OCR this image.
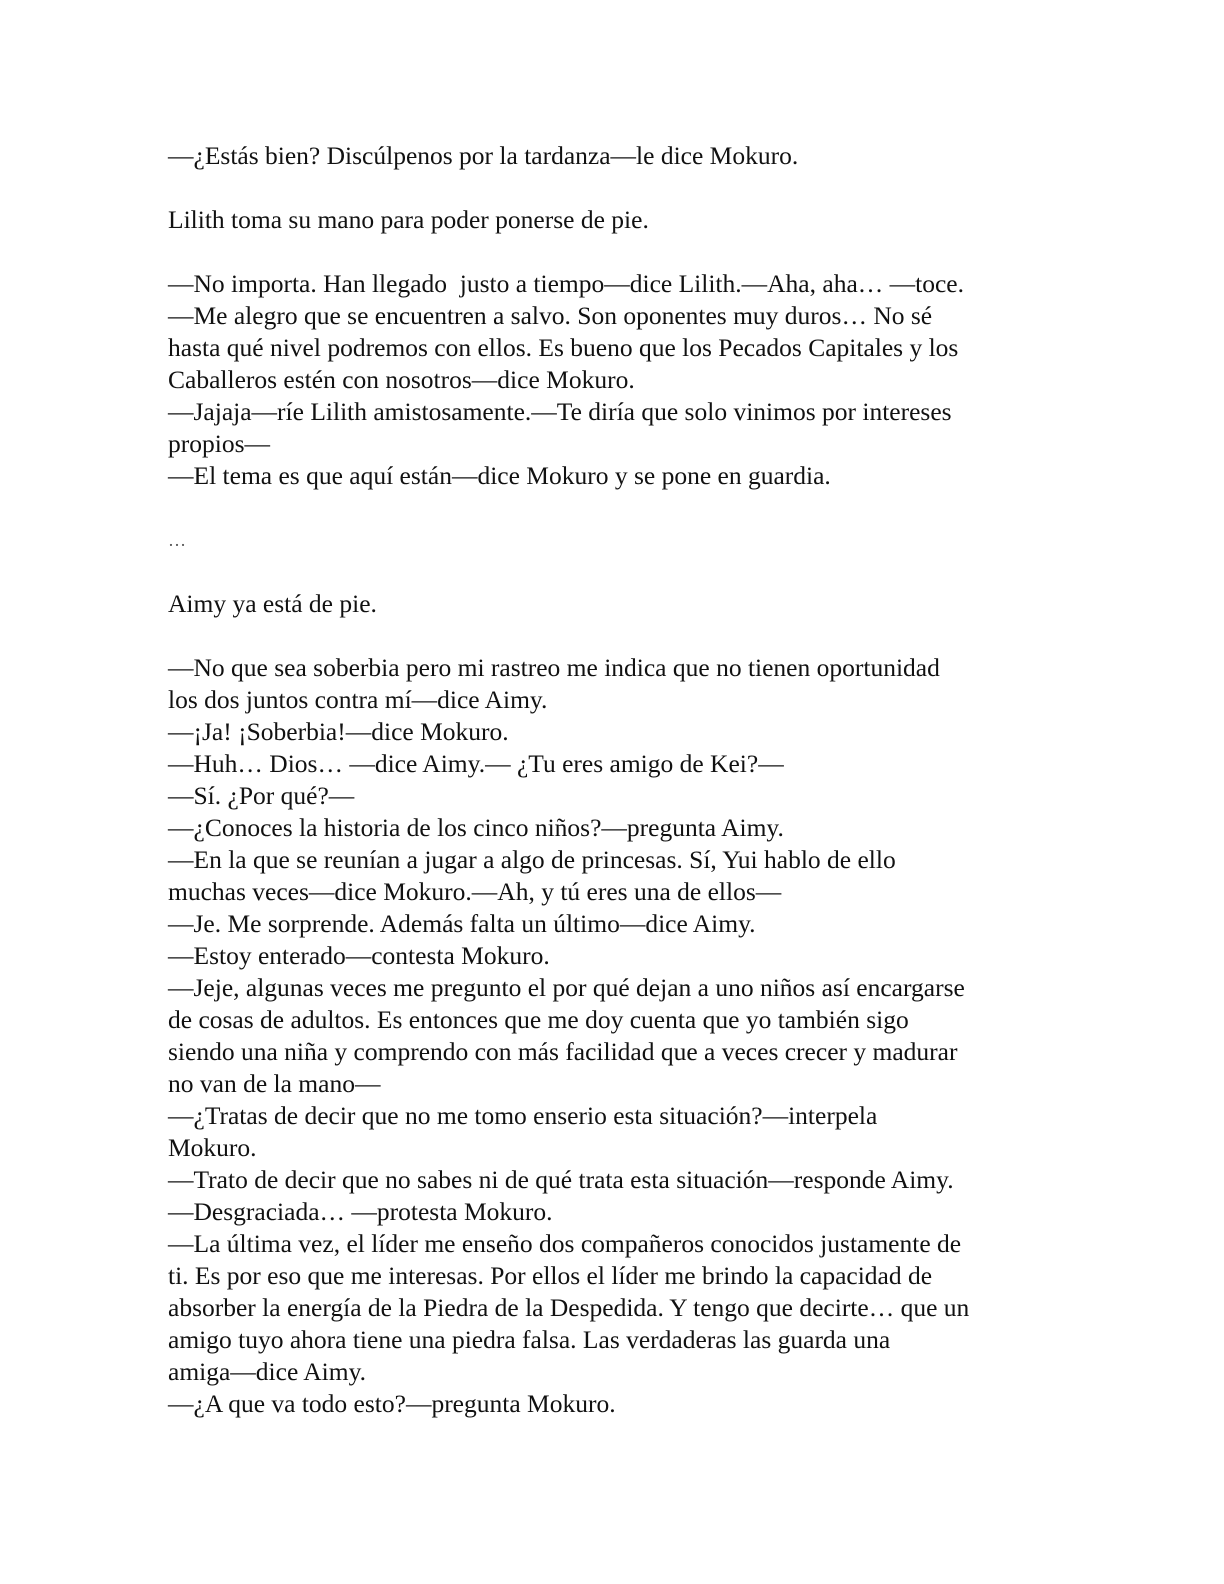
—¿Estás bien? Discúlpenos por la tardanza—le dice Mokuro.
Lilith toma su mano para poder ponerse de pie.
—No importa. Han llegado  justo a tiempo—dice Lilith.—Aha, aha… —toce.
—Me alegro que se encuentren a salvo. Son oponentes muy duros… No sé
hasta qué nivel podremos con ellos. Es bueno que los Pecados Capitales y los
Caballeros estén con nosotros—dice Mokuro.
—Jajaja—ríe Lilith amistosamente.—Te diría que solo vinimos por intereses
propios—
—El tema es que aquí están—dice Mokuro y se pone en guardia.
…
Aimy ya está de pie.
—No que sea soberbia pero mi rastreo me indica que no tienen oportunidad
los dos juntos contra mí—dice Aimy.
—¡Ja! ¡Soberbia!—dice Mokuro.
—Huh… Dios… —dice Aimy.— ¿Tu eres amigo de Kei?—
—Sí. ¿Por qué?—
—¿Conoces la historia de los cinco niños?—pregunta Aimy.
—En la que se reunían a jugar a algo de princesas. Sí, Yui hablo de ello
muchas veces—dice Mokuro.—Ah, y tú eres una de ellos—
—Je. Me sorprende. Además falta un último—dice Aimy.
—Estoy enterado—contesta Mokuro.
—Jeje, algunas veces me pregunto el por qué dejan a uno niños así encargarse
de cosas de adultos. Es entonces que me doy cuenta que yo también sigo
siendo una niña y comprendo con más facilidad que a veces crecer y madurar
no van de la mano—
—¿Tratas de decir que no me tomo enserio esta situación?—interpela
Mokuro.
—Trato de decir que no sabes ni de qué trata esta situación—responde Aimy.
—Desgraciada… —protesta Mokuro.
—La última vez, el líder me enseño dos compañeros conocidos justamente de
ti. Es por eso que me interesas. Por ellos el líder me brindo la capacidad de
absorber la energía de la Piedra de la Despedida. Y tengo que decirte… que un
amigo tuyo ahora tiene una piedra falsa. Las verdaderas las guarda una
amiga—dice Aimy.
—¿A que va todo esto?—pregunta Mokuro.
